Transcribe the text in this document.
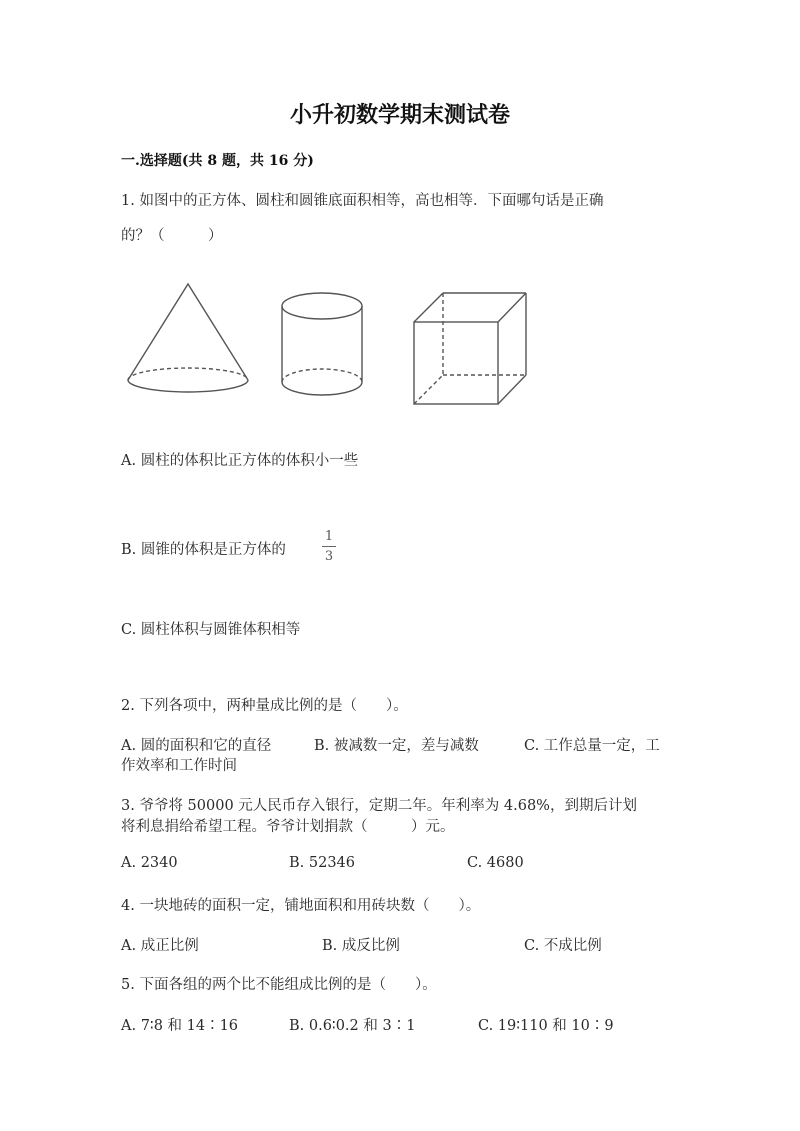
小升初数学期末测试卷
一.选择题(共 8 题，共 16 分)
1. 如图中的正方体、圆柱和圆锥底面积相等，高也相等．下面哪句话是正确
的？（　　　）
A. 圆柱的体积比正方体的体积小一些
B. 圆锥的体积是正方体的
1
3
C. 圆柱体积与圆锥体积相等
2. 下列各项中，两种量成比例的是（　　）。
A. 圆的面积和它的直径	B. 被减数一定，差与减数	C. 工作总量一定，工
作效率和工作时间
3. 爷爷将 50000 元人民币存入银行，定期二年。年利率为 4.68%，到期后计划
将利息捐给希望工程。爷爷计划捐款（　　　）元。
A. 2340	B. 52346	C. 4680
4. 一块地砖的面积一定，铺地面积和用砖块数（　　）。
A. 成正比例	B. 成反比例	C. 不成比例
5. 下面各组的两个比不能组成比例的是（　　）。
A. 7∶8 和 14∶16	B. 0.6∶0.2 和 3∶1	C. 19∶110 和 10∶9
